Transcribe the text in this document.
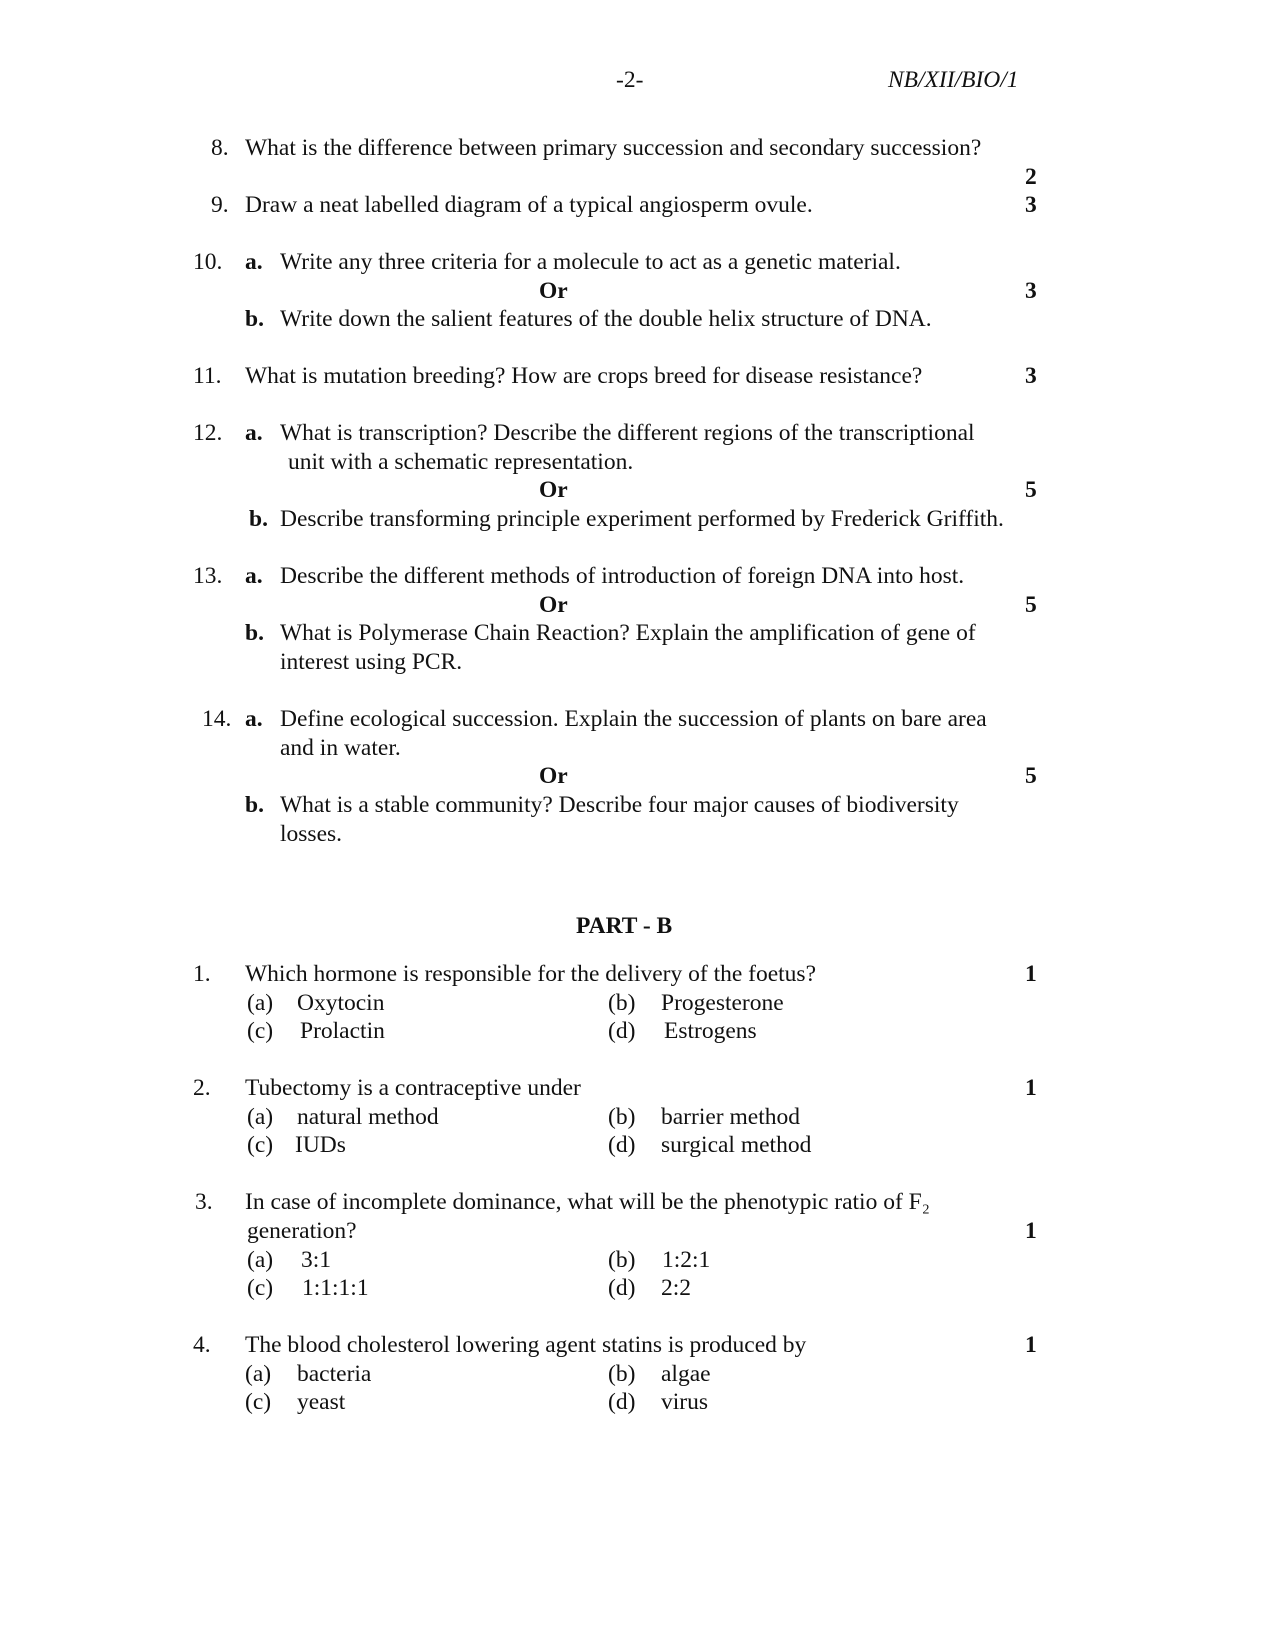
-2-	NB/XII/BIO/1
8. What is the difference between primary succession and secondary succession?
2
9. Draw a neat labelled diagram of a typical angiosperm ovule.	3
10. a. Write any three criteria for a molecule to act as a genetic material.
Or	3
b. Write down the salient features of the double helix structure of DNA.
11. What is mutation breeding? How are crops breed for disease resistance?	3
12. a. What is transcription? Describe the different regions of the transcriptional
unit with a schematic representation.
Or	5
b. Describe transforming principle experiment performed by Frederick Griffith.
13. a. Describe the different methods of introduction of foreign DNA into host.
Or	5
b. What is Polymerase Chain Reaction? Explain the amplification of gene of
interest using PCR.
14. a. Define ecological succession. Explain the succession of plants on bare area
and in water.
Or	5
b. What is a stable community? Describe four major causes of biodiversity
losses.
PART - B
1. Which hormone is responsible for the delivery of the foetus?	1
(a) Oxytocin	(b) Progesterone
(c) Prolactin	(d) Estrogens
2. Tubectomy is a contraceptive under	1
(a) natural method	(b) barrier method
(c) IUDs	(d) surgical method
3. In case of incomplete dominance, what will be the phenotypic ratio of F₂
generation?	1
(a) 3:1	(b) 1:2:1
(c) 1:1:1:1	(d) 2:2
4. The blood cholesterol lowering agent statins is produced by	1
(a) bacteria	(b) algae
(c) yeast	(d) virus
